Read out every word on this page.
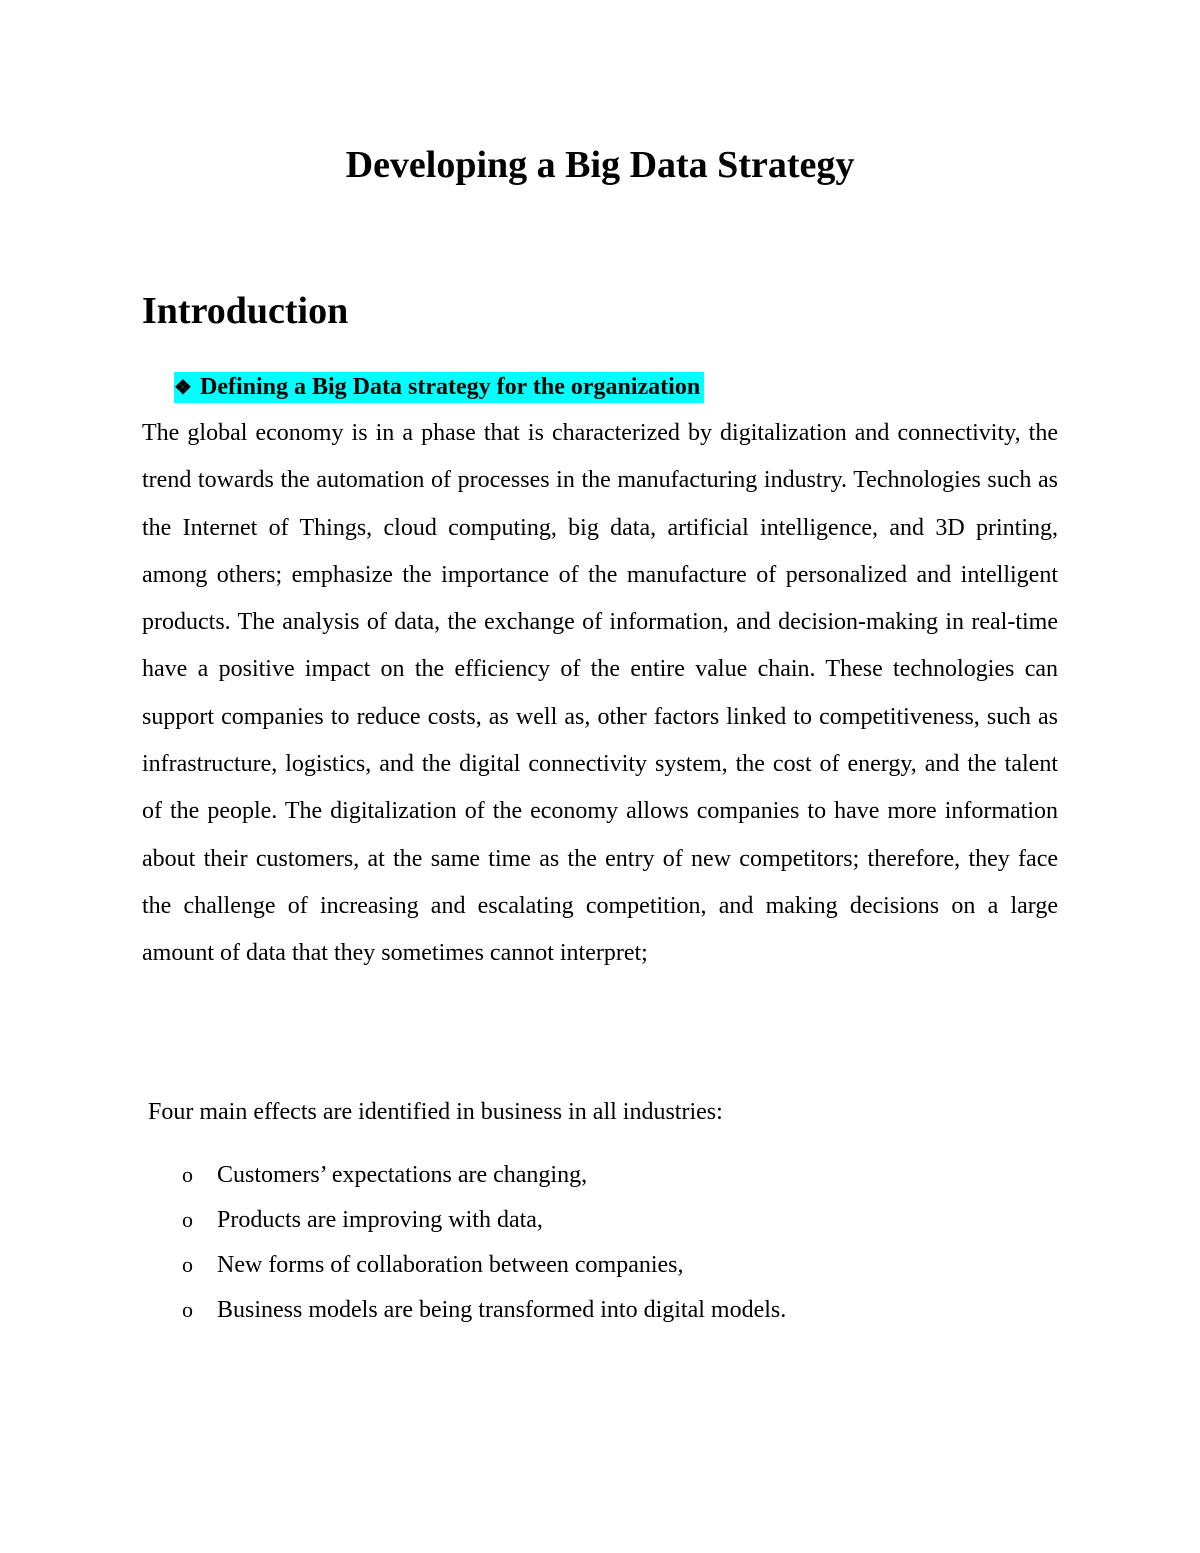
Developing a Big Data Strategy
Introduction
❖ Defining a Big Data strategy for the organization

The global economy is in a phase that is characterized by digitalization and connectivity, the trend towards the automation of processes in the manufacturing industry. Technologies such as the Internet of Things, cloud computing, big data, artificial intelligence, and 3D printing, among others; emphasize the importance of the manufacture of personalized and intelligent products. The analysis of data, the exchange of information, and decision-making in real-time have a positive impact on the efficiency of the entire value chain. These technologies can support companies to reduce costs, as well as, other factors linked to competitiveness, such as infrastructure, logistics, and the digital connectivity system, the cost of energy, and the talent of the people. The digitalization of the economy allows companies to have more information about their customers, at the same time as the entry of new competitors; therefore, they face the challenge of increasing and escalating competition, and making decisions on a large amount of data that they sometimes cannot interpret;

Four main effects are identified in business in all industries:
o Customers’ expectations are changing,
o Products are improving with data,
o New forms of collaboration between companies,
o Business models are being transformed into digital models.
